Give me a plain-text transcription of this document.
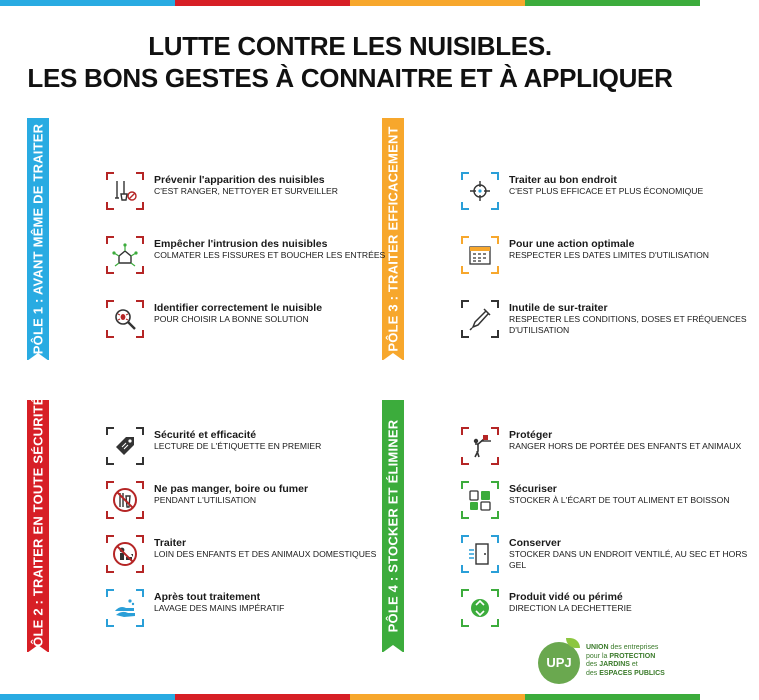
LUTTE CONTRE LES NUISIBLES.
LES BONS GESTES À CONNAITRE ET À APPLIQUER
PÔLE 1 : AVANT MÊME DE TRAITER	PÔLE 3 : TRAITER EFFICACEMENT
PÔLE 2 : TRAITER EN TOUTE SÉCURITÉ	PÔLE 4 : STOCKER ET ÉLIMINER
Prévenir l'apparition des nuisibles
C'EST RANGER, NETTOYER ET SURVEILLER
Empêcher l'intrusion des nuisibles
COLMATER LES FISSURES ET BOUCHER LES ENTRÉES
Identifier correctement le nuisible
POUR CHOISIR LA BONNE SOLUTION
Traiter au bon endroit
C'EST PLUS EFFICACE ET PLUS ÉCONOMIQUE
Pour une action optimale
RESPECTER LES DATES LIMITES D'UTILISATION
Inutile de sur-traiter
RESPECTER LES CONDITIONS, DOSES ET FRÉQUENCES D'UTILISATION
Sécurité et efficacité
LECTURE DE L'ÉTIQUETTE EN PREMIER
Ne pas manger, boire ou fumer
PENDANT L'UTILISATION
Traiter
LOIN DES ENFANTS ET DES ANIMAUX DOMESTIQUES
Après tout traitement
LAVAGE DES MAINS IMPÉRATIF
Protéger
RANGER HORS DE PORTÉE DES ENFANTS ET ANIMAUX
Sécuriser
STOCKER À L'ÉCART DE TOUT ALIMENT ET BOISSON
Conserver
STOCKER DANS UN ENDROIT VENTILÉ, AU SEC ET HORS GEL
Produit vidé ou périmé
DIRECTION LA DECHETTERIE
UPJ
UNION des entreprises
pour la PROTECTION
des JARDINS et
des ESPACES PUBLICS
